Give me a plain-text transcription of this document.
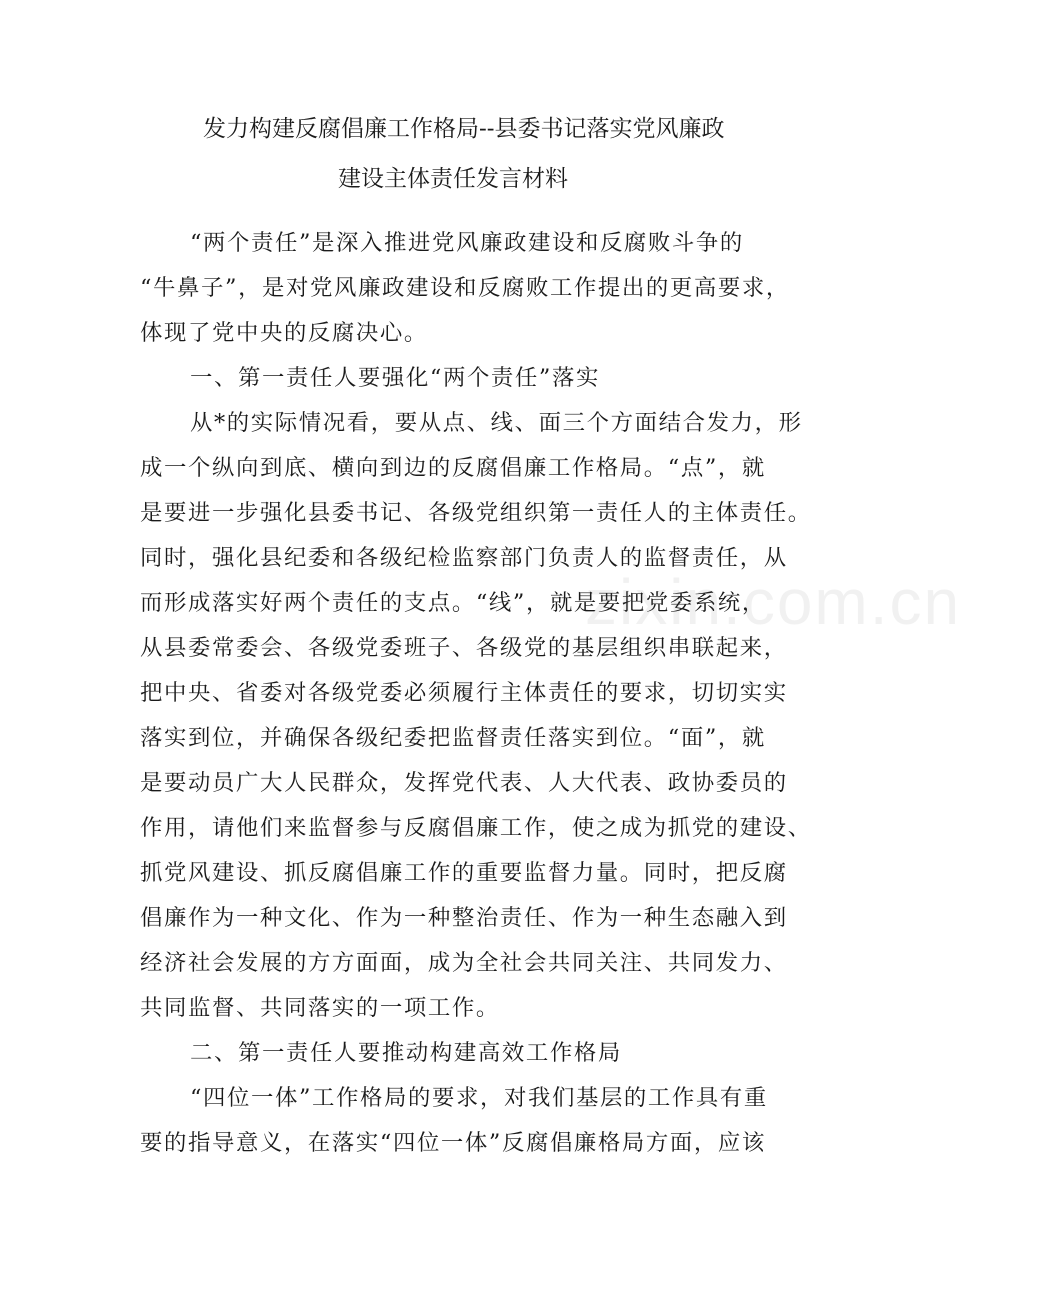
发力构建反腐倡廉工作格局--县委书记落实党风廉政
建设主体责任发言材料
“两个责任”是深入推进党风廉政建设和反腐败斗争的
“牛鼻子”，是对党风廉政建设和反腐败工作提出的更高要求，
体现了党中央的反腐决心。
一、第一责任人要强化“两个责任”落实
从*的实际情况看，要从点、线、面三个方面结合发力，形
成一个纵向到底、横向到边的反腐倡廉工作格局。“点”，就
是要进一步强化县委书记、各级党组织第一责任人的主体责任。
同时，强化县纪委和各级纪检监察部门负责人的监督责任，从
而形成落实好两个责任的支点。“线”，就是要把党委系统，
从县委常委会、各级党委班子、各级党的基层组织串联起来，
把中央、省委对各级党委必须履行主体责任的要求，切切实实
落实到位，并确保各级纪委把监督责任落实到位。“面”，就
是要动员广大人民群众，发挥党代表、人大代表、政协委员的
作用，请他们来监督参与反腐倡廉工作，使之成为抓党的建设、
抓党风建设、抓反腐倡廉工作的重要监督力量。同时，把反腐
倡廉作为一种文化、作为一种整治责任、作为一种生态融入到
经济社会发展的方方面面，成为全社会共同关注、共同发力、
共同监督、共同落实的一项工作。
二、第一责任人要推动构建高效工作格局
“四位一体”工作格局的要求，对我们基层的工作具有重
要的指导意义，在落实“四位一体”反腐倡廉格局方面，应该
zixin.com.cn
